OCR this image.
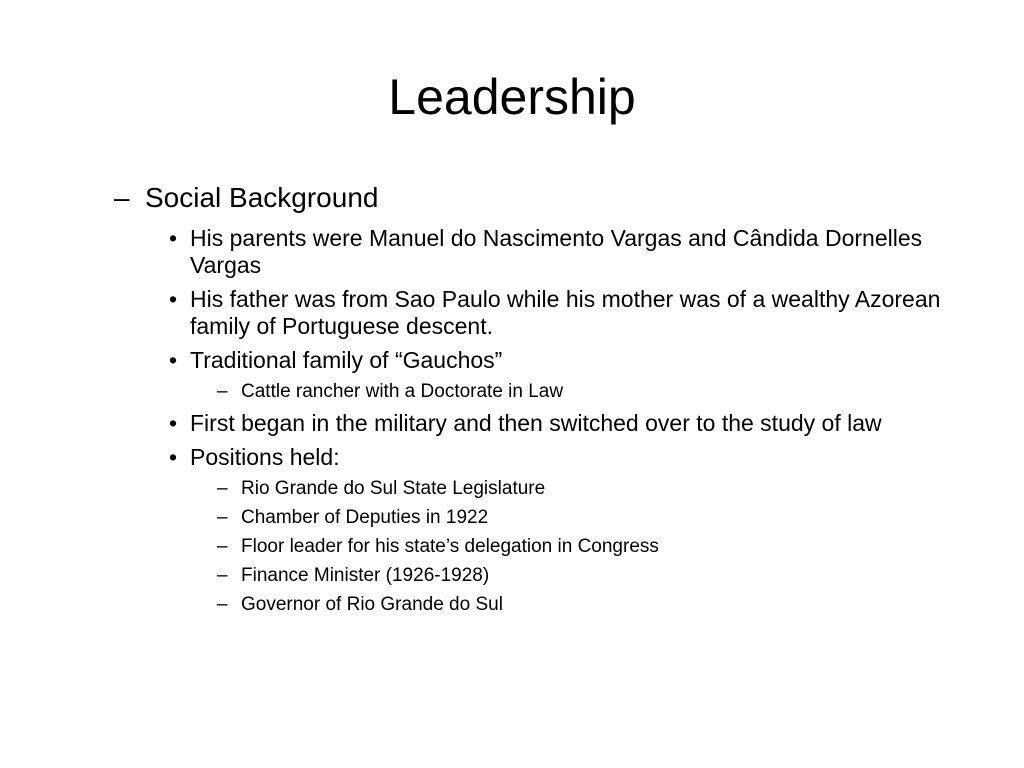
Leadership
– Social Background
• His parents were Manuel do Nascimento Vargas and Cândida Dornelles Vargas
• His father was from Sao Paulo while his mother was of a wealthy Azorean family of Portuguese descent.
• Traditional family of “Gauchos”
– Cattle rancher with a Doctorate in Law
• First began in the military and then switched over to the study of law
• Positions held:
– Rio Grande do Sul State Legislature
– Chamber of Deputies in 1922
– Floor leader for his state’s delegation in Congress
– Finance Minister (1926-1928)
– Governor of Rio Grande do Sul
